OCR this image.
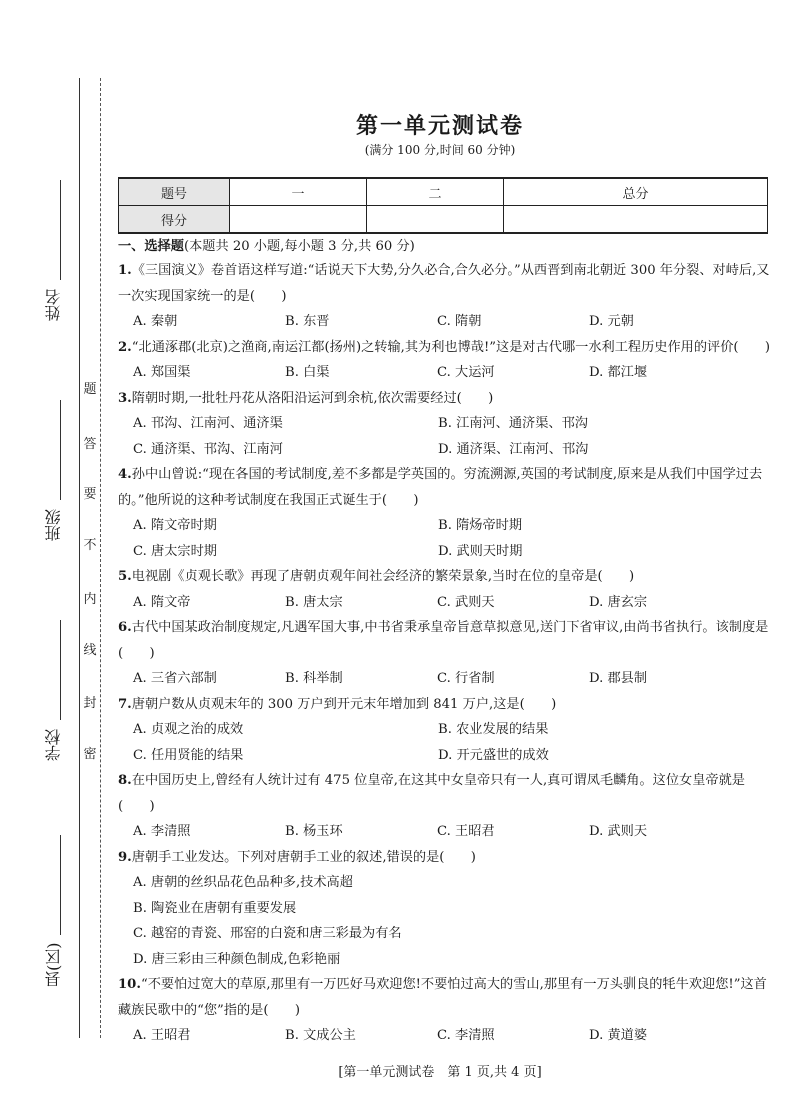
姓名
班级
学校
县(区)
题
答
要
不
内
线
封
密
第一单元测试卷
(满分 100 分,时间 60 分钟)
题号	一	二	总分
得分			
一、选择题(本题共 20 小题,每小题 3 分,共 60 分)
1.《三国演义》卷首语这样写道:“话说天下大势,分久必合,合久必分。”从西晋到南北朝近 300 年分裂、对峙后,又一次实现国家统一的是(　　)
A. 秦朝	B. 东晋	C. 隋朝	D. 元朝
2.“北通涿郡(北京)之渔商,南运江都(扬州)之转输,其为利也博哉!”这是对古代哪一水利工程历史作用的评价(　　)
A. 郑国渠	B. 白渠	C. 大运河	D. 都江堰
3.隋朝时期,一批牡丹花从洛阳沿运河到余杭,依次需要经过(　　)
A. 邗沟、江南河、通济渠	B. 江南河、通济渠、邗沟
C. 通济渠、邗沟、江南河	D. 通济渠、江南河、邗沟
4.孙中山曾说:“现在各国的考试制度,差不多都是学英国的。穷流溯源,英国的考试制度,原来是从我们中国学过去的。”他所说的这种考试制度在我国正式诞生于(　　)
A. 隋文帝时期	B. 隋炀帝时期
C. 唐太宗时期	D. 武则天时期
5.电视剧《贞观长歌》再现了唐朝贞观年间社会经济的繁荣景象,当时在位的皇帝是(　　)
A. 隋文帝	B. 唐太宗	C. 武则天	D. 唐玄宗
6.古代中国某政治制度规定,凡遇军国大事,中书省秉承皇帝旨意草拟意见,送门下省审议,由尚书省执行。该制度是(　　)
A. 三省六部制	B. 科举制	C. 行省制	D. 郡县制
7.唐朝户数从贞观末年的 300 万户到开元末年增加到 841 万户,这是(　　)
A. 贞观之治的成效	B. 农业发展的结果
C. 任用贤能的结果	D. 开元盛世的成效
8.在中国历史上,曾经有人统计过有 475 位皇帝,在这其中女皇帝只有一人,真可谓凤毛麟角。这位女皇帝就是(　　)
A. 李清照	B. 杨玉环	C. 王昭君	D. 武则天
9.唐朝手工业发达。下列对唐朝手工业的叙述,错误的是(　　)
A. 唐朝的丝织品花色品种多,技术高超
B. 陶瓷业在唐朝有重要发展
C. 越窑的青瓷、邢窑的白瓷和唐三彩最为有名
D. 唐三彩由三种颜色制成,色彩艳丽
10.“不要怕过宽大的草原,那里有一万匹好马欢迎您!不要怕过高大的雪山,那里有一万头驯良的牦牛欢迎您!”这首藏族民歌中的“您”指的是(　　)
A. 王昭君	B. 文成公主	C. 李清照	D. 黄道婆
[第一单元测试卷　第 1 页,共 4 页]
